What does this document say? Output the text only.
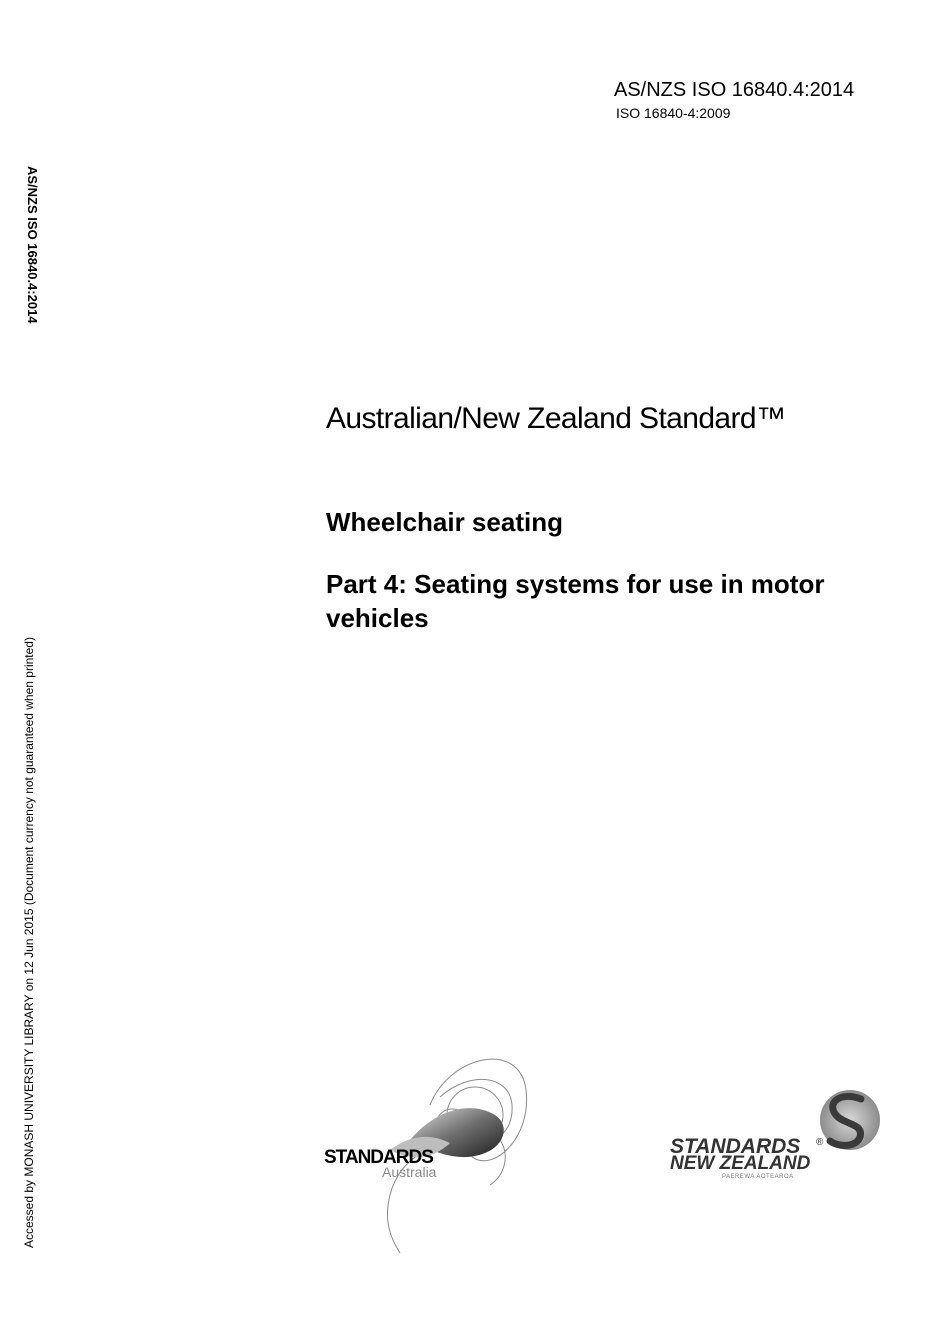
AS/NZS ISO 16840.4:2014
ISO 16840-4:2009
AS/NZS ISO 16840.4:2014
Accessed by MONASH UNIVERSITY LIBRARY on 12 Jun 2015 (Document currency not guaranteed when printed)
Australian/New Zealand Standard™
Wheelchair seating
Part 4: Seating systems for use in motor vehicles
STANDARDS
Australia
STANDARDS ®
NEW ZEALAND
PAEREWA AOTEAROA
